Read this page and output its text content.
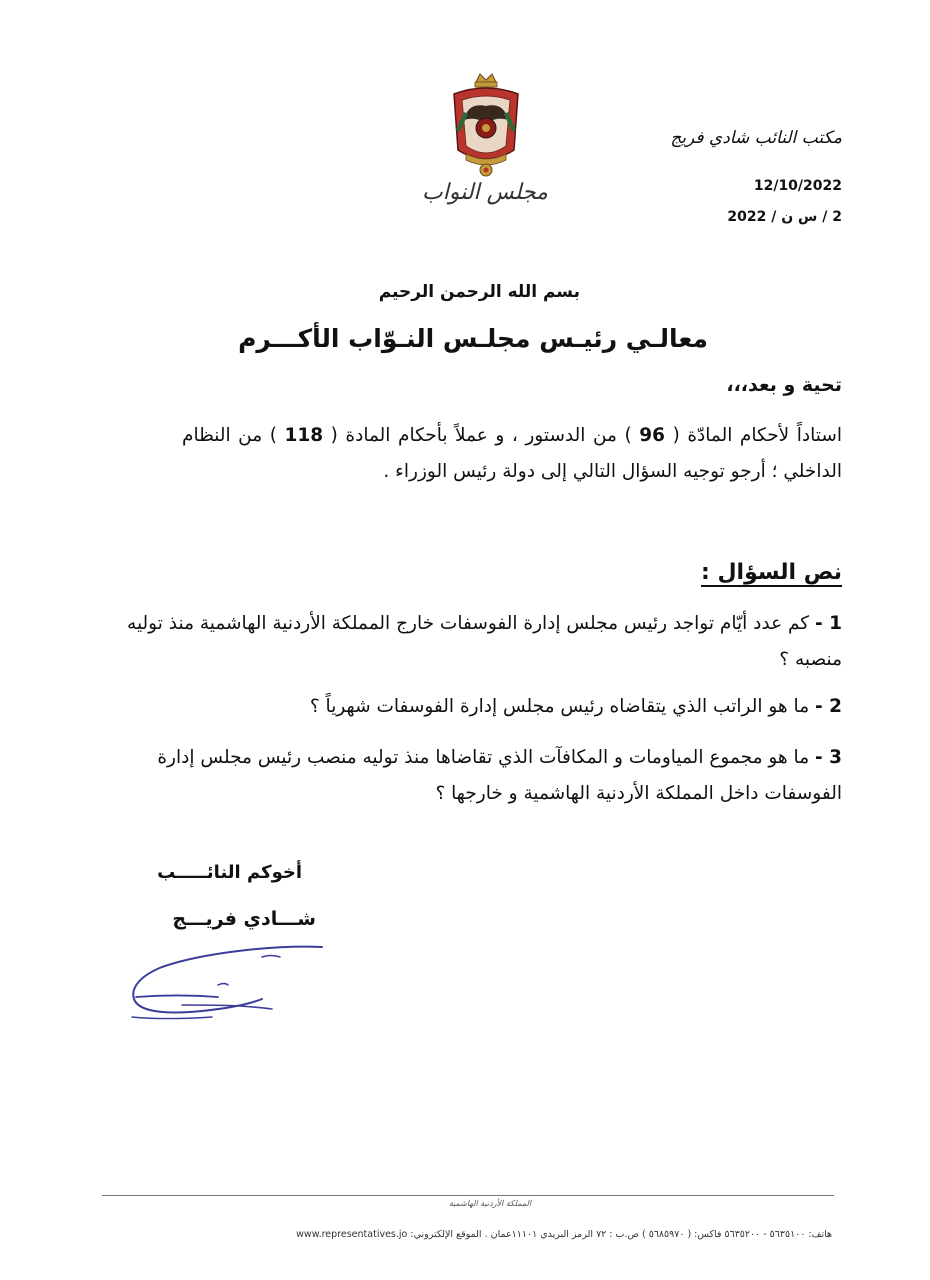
مجلس النواب
مكتب النائب شادي فريج
12/10/2022
2 / س ن / 2022
بسم الله الرحمن الرحيم
معالـي رئيـس مجلـس النـوّاب الأكـــرم
تحية و بعد،،،
استاداً لأحكام المادّة ( 96 ) من الدستور ، و عملاً بأحكام المادة ( 118 ) من النظام الداخلي ؛ أرجو توجيه السؤال التالي إلى دولة رئيس الوزراء .
نص السؤال :
1 - كم عدد أيّام تواجد رئيس مجلس إدارة الفوسفات خارج المملكة الأردنية الهاشمية منذ توليه منصبه ؟
2 - ما هو الراتب الذي يتقاضاه رئيس مجلس إدارة الفوسفات شهرياً ؟
3 - ما هو مجموع المياومات و المكافآت الذي تقاضاها منذ توليه منصب رئيس مجلس إدارة الفوسفات داخل المملكة الأردنية الهاشمية و خارجها ؟
أخوكم النائـــــب
شـــادي فريـــج
المملكة الأردنية الهاشمية
هاتف: ٥٦٣٥١٠٠ - ٥٦٣٥٢٠٠ فاكس: ( ٥٦٨٥٩٧٠ ) ص.ب : ٧٢ الرمز البريدي ١١١٠١عمان . الموقع الإلكتروني: www.representatives.jo
